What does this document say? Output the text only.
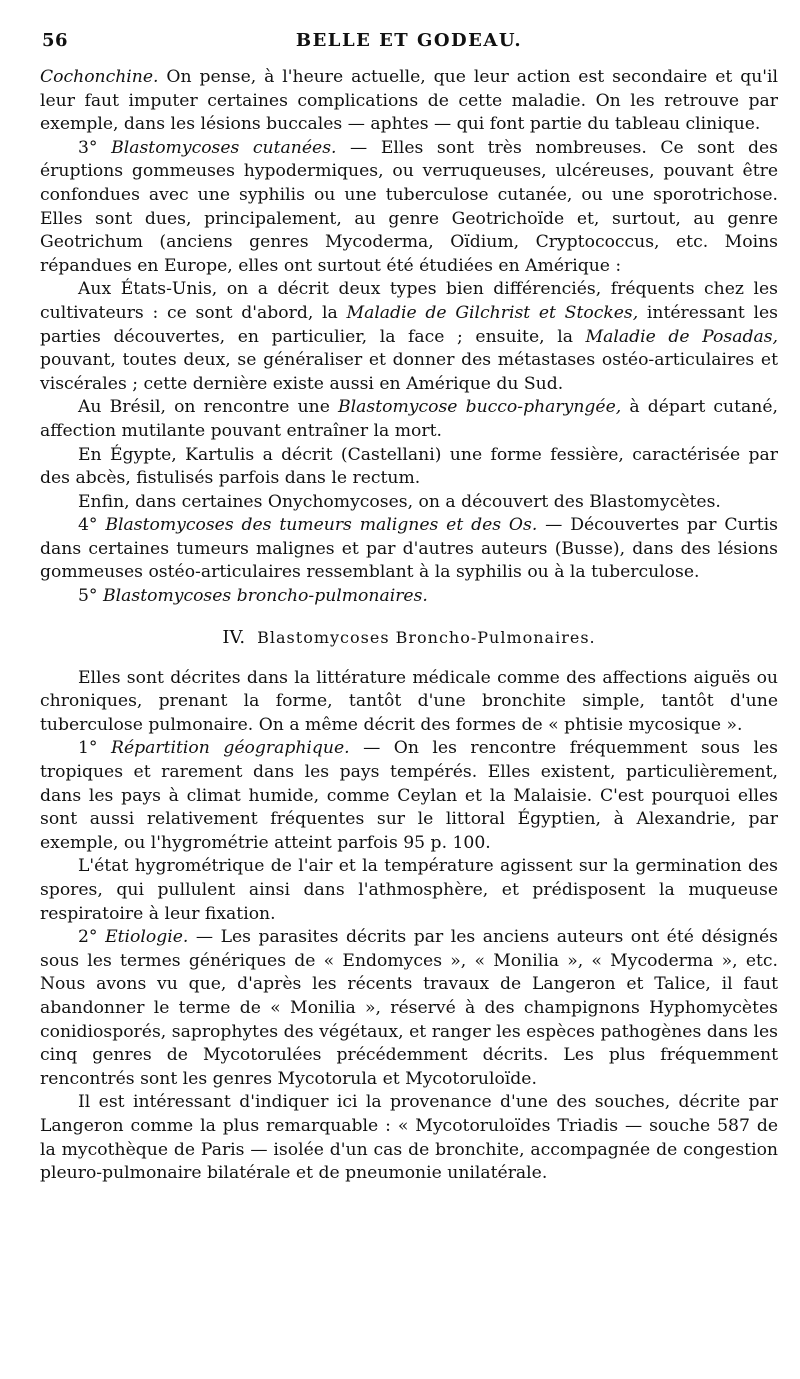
56	BELLE ET GODEAU.

Cochonchine. On pense, à l'heure actuelle, que leur action est secondaire et qu'il leur faut imputer certaines complications de cette maladie. On les retrouve par exemple, dans les lésions buccales — aphtes — qui font partie du tableau clinique.

3° Blastomycoses cutanées. — Elles sont très nombreuses. Ce sont des éruptions gommeuses hypodermiques, ou verruqueuses, ulcéreuses, pouvant être confondues avec une syphilis ou une tuberculose cutanée, ou une sporotrichose. Elles sont dues, principalement, au genre Geotrichoïde et, surtout, au genre Geotrichum (anciens genres Mycoderma, Oïdium, Cryptococcus, etc. Moins répandues en Europe, elles ont surtout été étudiées en Amérique :

Aux États-Unis, on a décrit deux types bien différenciés, fréquents chez les cultivateurs : ce sont d'abord, la Maladie de Gilchrist et Stockes, intéressant les parties découvertes, en particulier, la face ; ensuite, la Maladie de Posadas, pouvant, toutes deux, se généraliser et donner des métastases ostéo-articulaires et viscérales ; cette dernière existe aussi en Amérique du Sud.

Au Brésil, on rencontre une Blastomycose bucco-pharyngée, à départ cutané, affection mutilante pouvant entraîner la mort.

En Égypte, Kartulis a décrit (Castellani) une forme fessière, caractérisée par des abcès, fistulisés parfois dans le rectum.

Enfin, dans certaines Onychomycoses, on a découvert des Blastomycètes.

4° Blastomycoses des tumeurs malignes et des Os. — Découvertes par Curtis dans certaines tumeurs malignes et par d'autres auteurs (Busse), dans des lésions gommeuses ostéo-articulaires ressemblant à la syphilis ou à la tuberculose.

5° Blastomycoses broncho-pulmonaires.

IV. Blastomycoses Broncho-Pulmonaires.

Elles sont décrites dans la littérature médicale comme des affections aiguës ou chroniques, prenant la forme, tantôt d'une bronchite simple, tantôt d'une tuberculose pulmonaire. On a même décrit des formes de « phtisie mycosique ».

1° Répartition géographique. — On les rencontre fréquemment sous les tropiques et rarement dans les pays tempérés. Elles existent, particulièrement, dans les pays à climat humide, comme Ceylan et la Malaisie. C'est pourquoi elles sont aussi relativement fréquentes sur le littoral Égyptien, à Alexandrie, par exemple, ou l'hygrométrie atteint parfois 95 p. 100.

L'état hygrométrique de l'air et la température agissent sur la germination des spores, qui pullulent ainsi dans l'athmosphère, et prédisposent la muqueuse respiratoire à leur fixation.

2° Etiologie. — Les parasites décrits par les anciens auteurs ont été désignés sous les termes génériques de « Endomyces », « Monilia », « Mycoderma », etc. Nous avons vu que, d'après les récents travaux de Langeron et Talice, il faut abandonner le terme de « Monilia », réservé à des champignons Hyphomycètes conidiosporés, saprophytes des végétaux, et ranger les espèces pathogènes dans les cinq genres de Mycotorulées précédemment décrits. Les plus fréquemment rencontrés sont les genres Mycotorula et Mycotoruloïde.

Il est intéressant d'indiquer ici la provenance d'une des souches, décrite par Langeron comme la plus remarquable : « Mycotoruloïdes Triadis — souche 587 de la mycothèque de Paris — isolée d'un cas de bronchite, accompagnée de congestion pleuro-pulmonaire bilatérale et de pneumonie unilatérale.
